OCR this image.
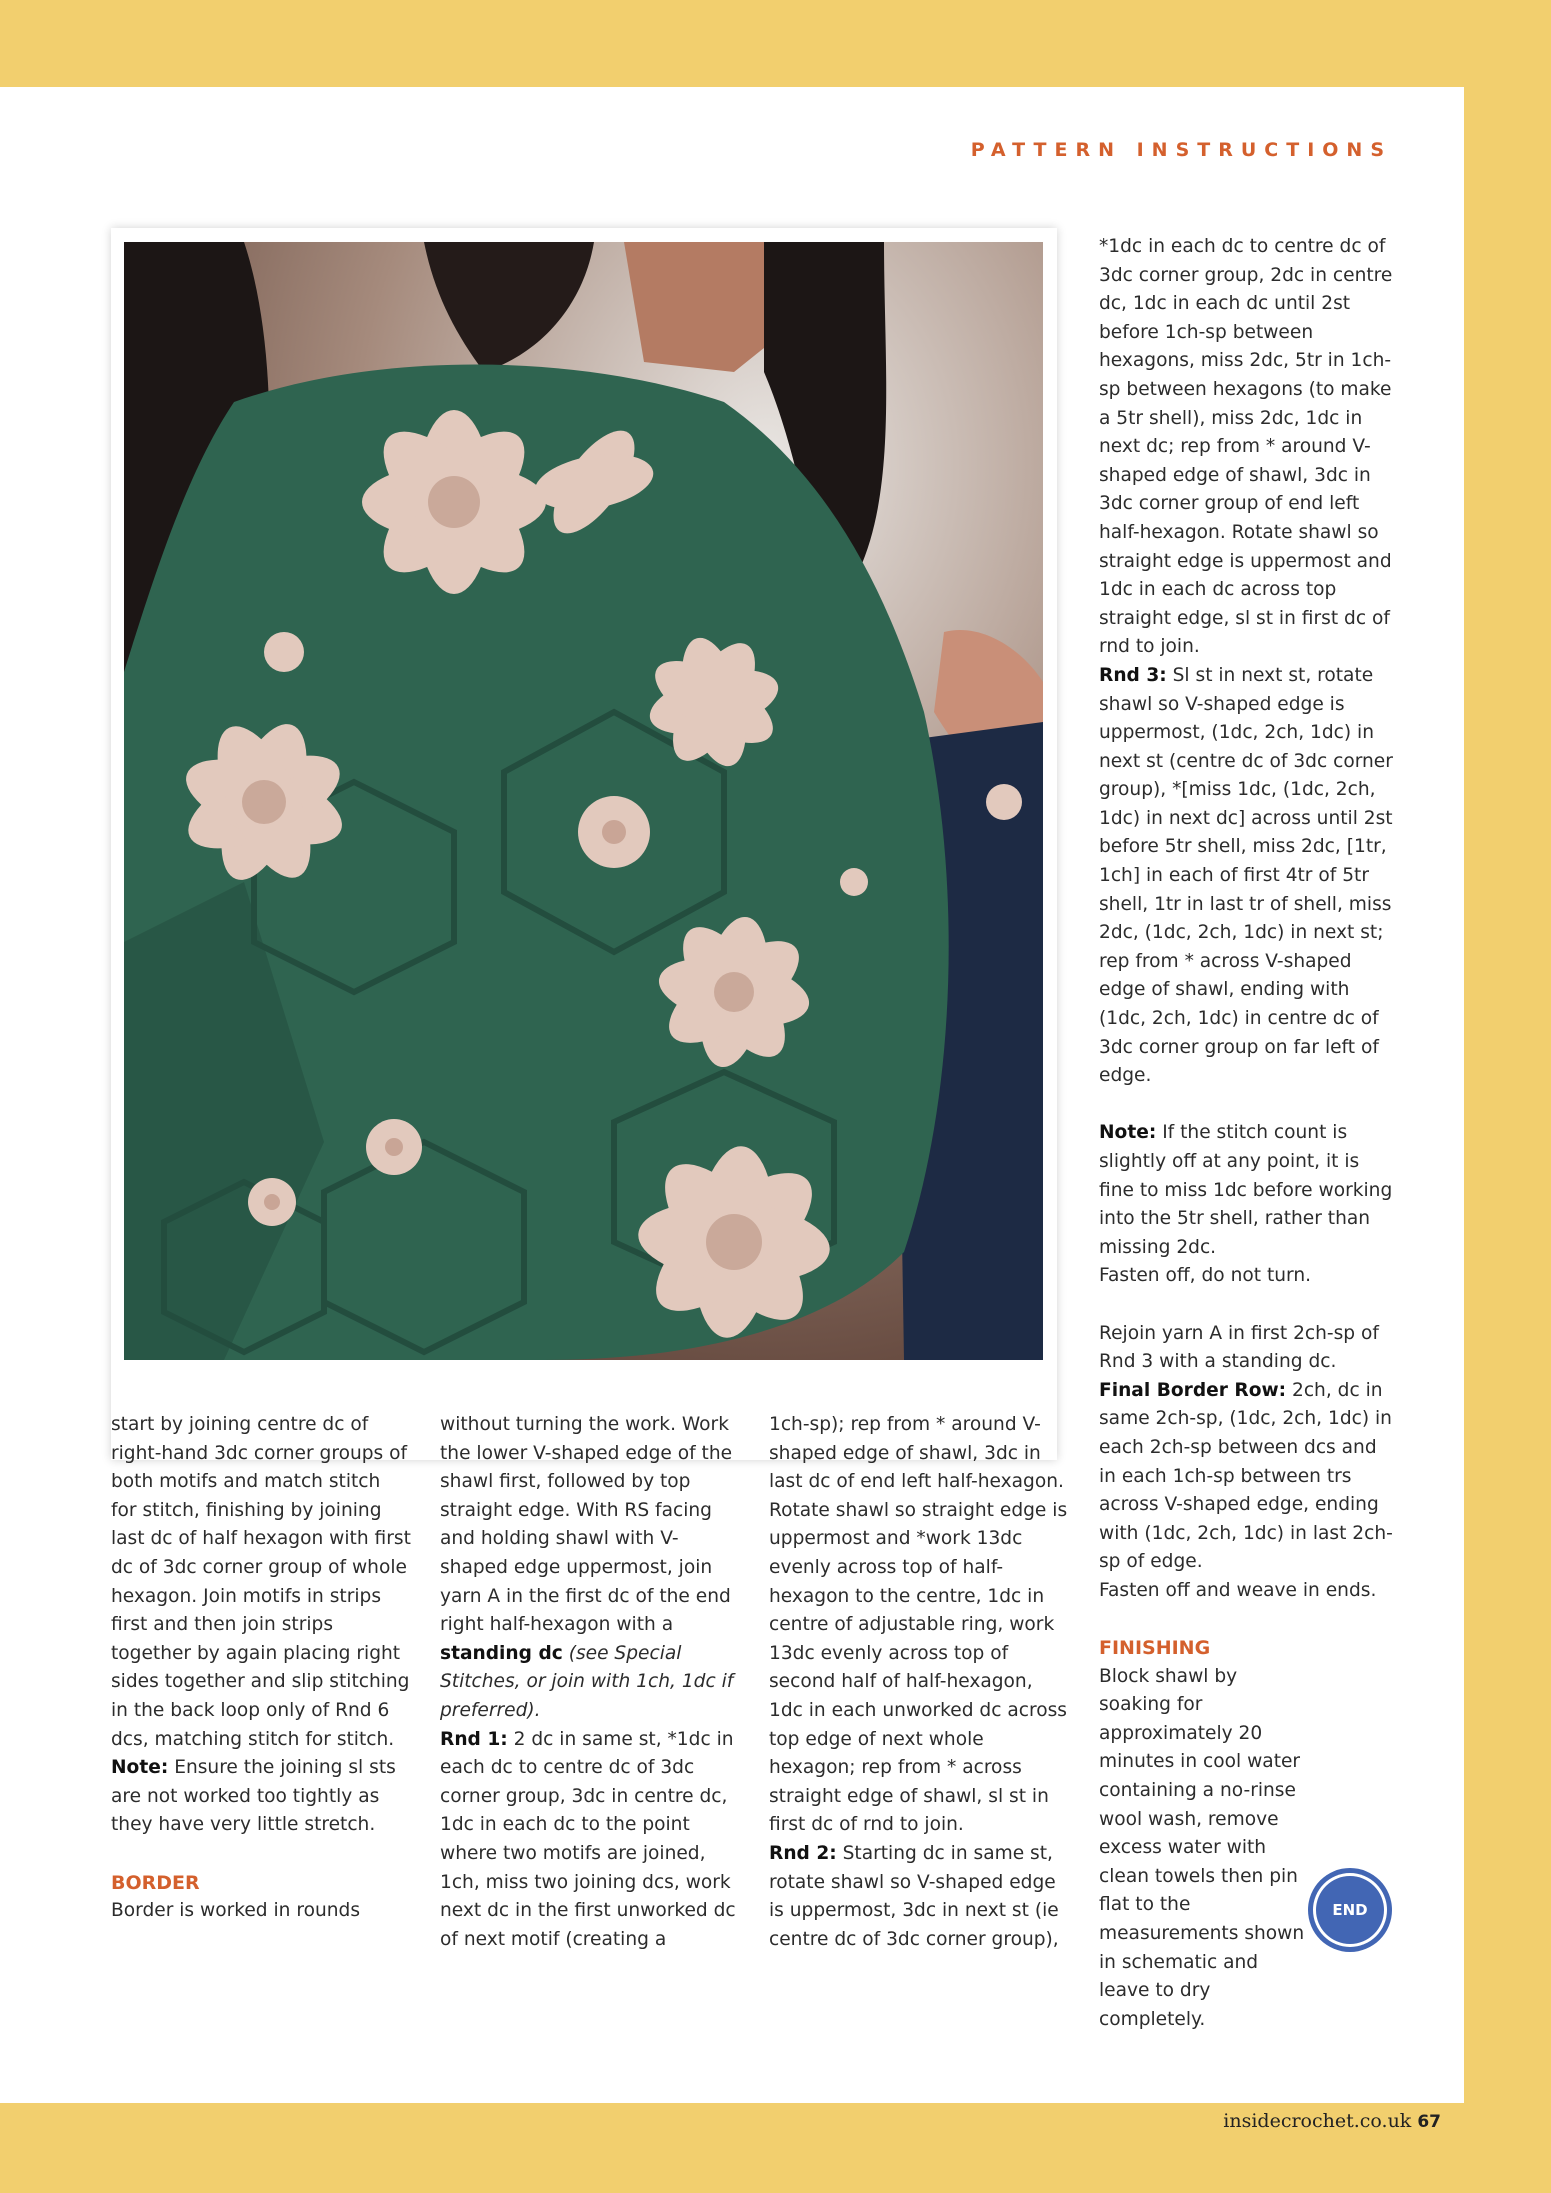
PATTERN INSTRUCTIONS

start by joining centre dc of right-hand 3dc corner groups of both motifs and match stitch for stitch, finishing by joining last dc of half hexagon with first dc of 3dc corner group of whole hexagon. Join motifs in strips first and then join strips together by again placing right sides together and slip stitching in the back loop only of Rnd 6 dcs, matching stitch for stitch.

Note: Ensure the joining sl sts are not worked too tightly as they have very little stretch.

BORDER

Border is worked in rounds

without turning the work. Work the lower V-shaped edge of the shawl first, followed by top straight edge. With RS facing and holding shawl with V-shaped edge uppermost, join yarn A in the first dc of the end right half-hexagon with a standing dc (see Special Stitches, or join with 1ch, 1dc if preferred).

Rnd 1: 2 dc in same st, *1dc in each dc to centre dc of 3dc corner group, 3dc in centre dc, 1dc in each dc to the point where two motifs are joined, 1ch, miss two joining dcs, work next dc in the first unworked dc of next motif (creating a

1ch-sp); rep from * around V-shaped edge of shawl, 3dc in last dc of end left half-hexagon. Rotate shawl so straight edge is uppermost and *work 13dc evenly across top of half-hexagon to the centre, 1dc in centre of adjustable ring, work 13dc evenly across top of second half of half-hexagon, 1dc in each unworked dc across top edge of next whole hexagon; rep from * across straight edge of shawl, sl st in first dc of rnd to join.

Rnd 2: Starting dc in same st, rotate shawl so V-shaped edge is uppermost, 3dc in next st (ie centre dc of 3dc corner group),

*1dc in each dc to centre dc of 3dc corner group, 2dc in centre dc, 1dc in each dc until 2st before 1ch-sp between hexagons, miss 2dc, 5tr in 1ch-sp between hexagons (to make a 5tr shell), miss 2dc, 1dc in next dc; rep from * around V-shaped edge of shawl, 3dc in 3dc corner group of end left half-hexagon. Rotate shawl so straight edge is uppermost and 1dc in each dc across top straight edge, sl st in first dc of rnd to join.

Rnd 3: Sl st in next st, rotate shawl so V-shaped edge is uppermost, (1dc, 2ch, 1dc) in next st (centre dc of 3dc corner group), *[miss 1dc, (1dc, 2ch, 1dc) in next dc] across until 2st before 5tr shell, miss 2dc, [1tr, 1ch] in each of first 4tr of 5tr shell, 1tr in last tr of shell, miss 2dc, (1dc, 2ch, 1dc) in next st; rep from * across V-shaped edge of shawl, ending with (1dc, 2ch, 1dc) in centre dc of 3dc corner group on far left of edge.

Note: If the stitch count is slightly off at any point, it is fine to miss 1dc before working into the 5tr shell, rather than missing 2dc.

Fasten off, do not turn.

Rejoin yarn A in first 2ch-sp of Rnd 3 with a standing dc.

Final Border Row: 2ch, dc in same 2ch-sp, (1dc, 2ch, 1dc) in each 2ch-sp between dcs and in each 1ch-sp between trs across V-shaped edge, ending with (1dc, 2ch, 1dc) in last 2ch-sp of edge.

Fasten off and weave in ends.

FINISHING

Block shawl by soaking for approximately 20 minutes in cool water containing a no-rinse wool wash, remove excess water with clean towels then pin flat to the measurements shown in schematic and leave to dry completely.

END
insidecrochet.co.uk 67
